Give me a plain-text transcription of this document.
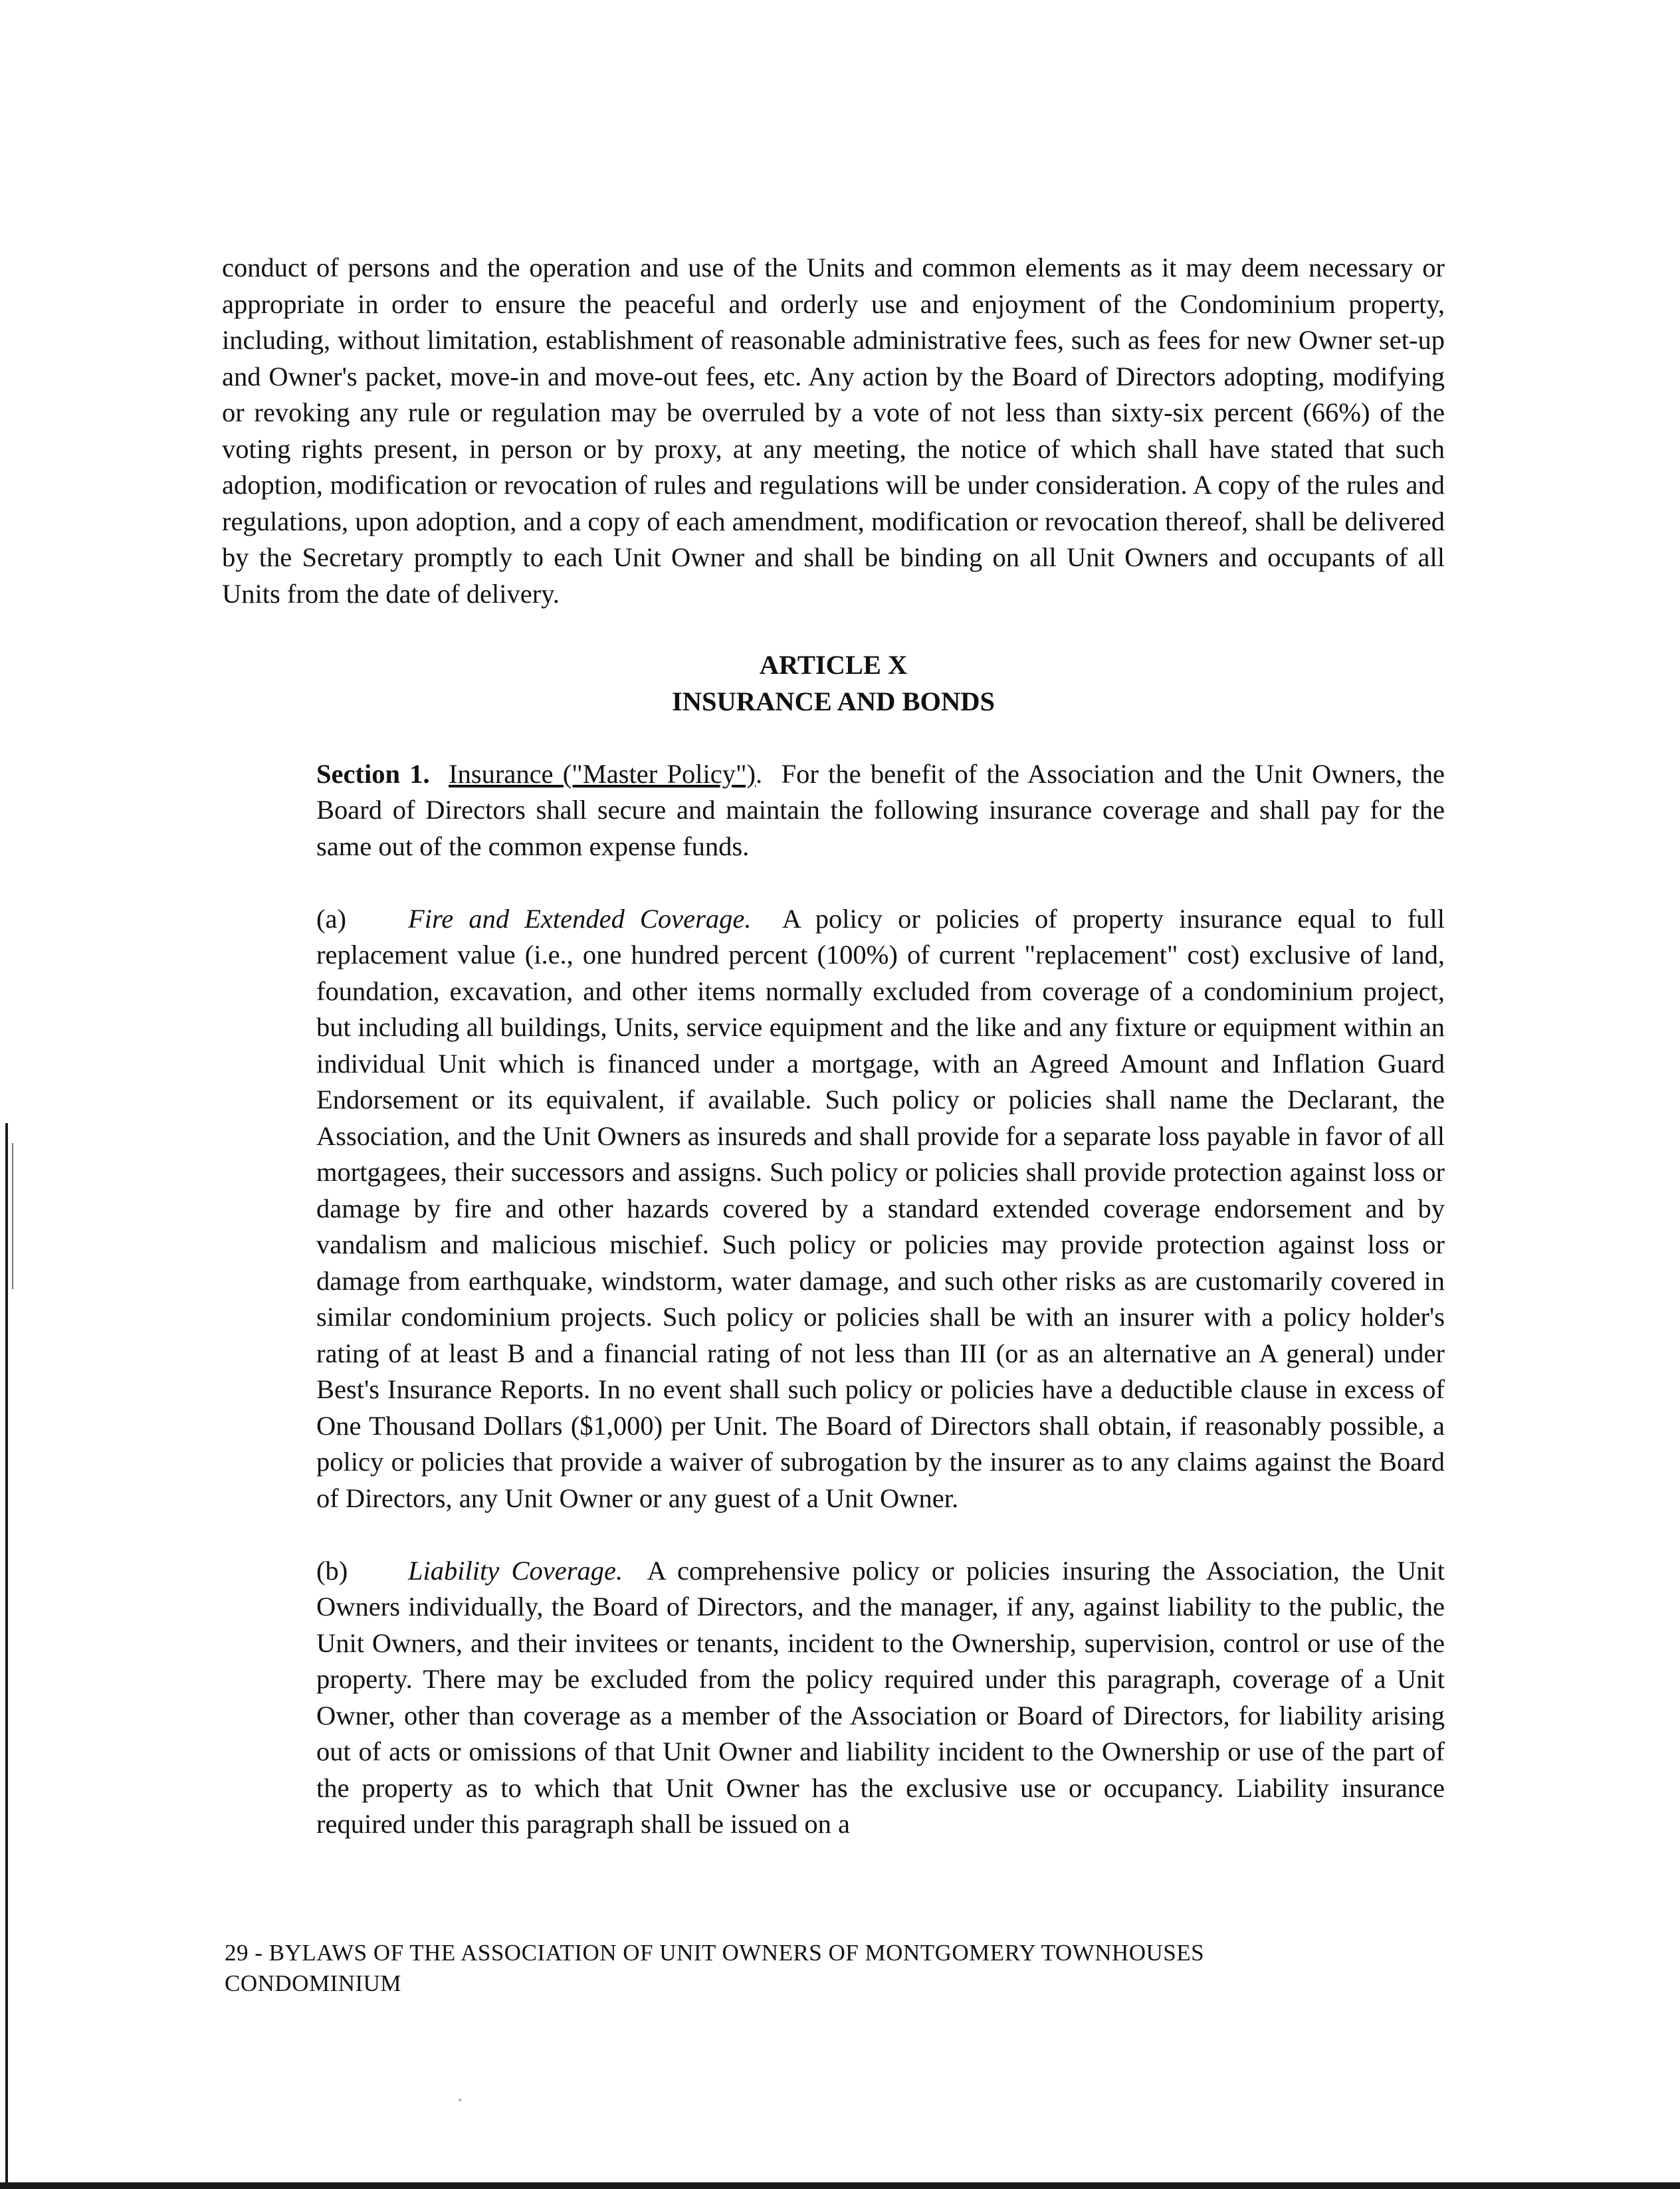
conduct of persons and the operation and use of the Units and common elements as it may deem necessary or appropriate in order to ensure the peaceful and orderly use and enjoyment of the Condominium property, including, without limitation, establishment of reasonable administrative fees, such as fees for new Owner set-up and Owner's packet, move-in and move-out fees, etc. Any action by the Board of Directors adopting, modifying or revoking any rule or regulation may be overruled by a vote of not less than sixty-six percent (66%) of the voting rights present, in person or by proxy, at any meeting, the notice of which shall have stated that such adoption, modification or revocation of rules and regulations will be under consideration. A copy of the rules and regulations, upon adoption, and a copy of each amendment, modification or revocation thereof, shall be delivered by the Secretary promptly to each Unit Owner and shall be binding on all Unit Owners and occupants of all Units from the date of delivery.

ARTICLE X
INSURANCE AND BONDS

Section 1. Insurance ("Master Policy"). For the benefit of the Association and the Unit Owners, the Board of Directors shall secure and maintain the following insurance coverage and shall pay for the same out of the common expense funds.

(a) Fire and Extended Coverage. A policy or policies of property insurance equal to full replacement value (i.e., one hundred percent (100%) of current "replacement" cost) exclusive of land, foundation, excavation, and other items normally excluded from coverage of a condominium project, but including all buildings, Units, service equipment and the like and any fixture or equipment within an individual Unit which is financed under a mortgage, with an Agreed Amount and Inflation Guard Endorsement or its equivalent, if available. Such policy or policies shall name the Declarant, the Association, and the Unit Owners as insureds and shall provide for a separate loss payable in favor of all mortgagees, their successors and assigns. Such policy or policies shall provide protection against loss or damage by fire and other hazards covered by a standard extended coverage endorsement and by vandalism and malicious mischief. Such policy or policies may provide protection against loss or damage from earthquake, windstorm, water damage, and such other risks as are customarily covered in similar condominium projects. Such policy or policies shall be with an insurer with a policy holder's rating of at least B and a financial rating of not less than III (or as an alternative an A general) under Best's Insurance Reports. In no event shall such policy or policies have a deductible clause in excess of One Thousand Dollars ($1,000) per Unit. The Board of Directors shall obtain, if reasonably possible, a policy or policies that provide a waiver of subrogation by the insurer as to any claims against the Board of Directors, any Unit Owner or any guest of a Unit Owner.

(b) Liability Coverage. A comprehensive policy or policies insuring the Association, the Unit Owners individually, the Board of Directors, and the manager, if any, against liability to the public, the Unit Owners, and their invitees or tenants, incident to the Ownership, supervision, control or use of the property. There may be excluded from the policy required under this paragraph, coverage of a Unit Owner, other than coverage as a member of the Association or Board of Directors, for liability arising out of acts or omissions of that Unit Owner and liability incident to the Ownership or use of the part of the property as to which that Unit Owner has the exclusive use or occupancy. Liability insurance required under this paragraph shall be issued on a

29 - BYLAWS OF THE ASSOCIATION OF UNIT OWNERS OF MONTGOMERY TOWNHOUSES
CONDOMINIUM
